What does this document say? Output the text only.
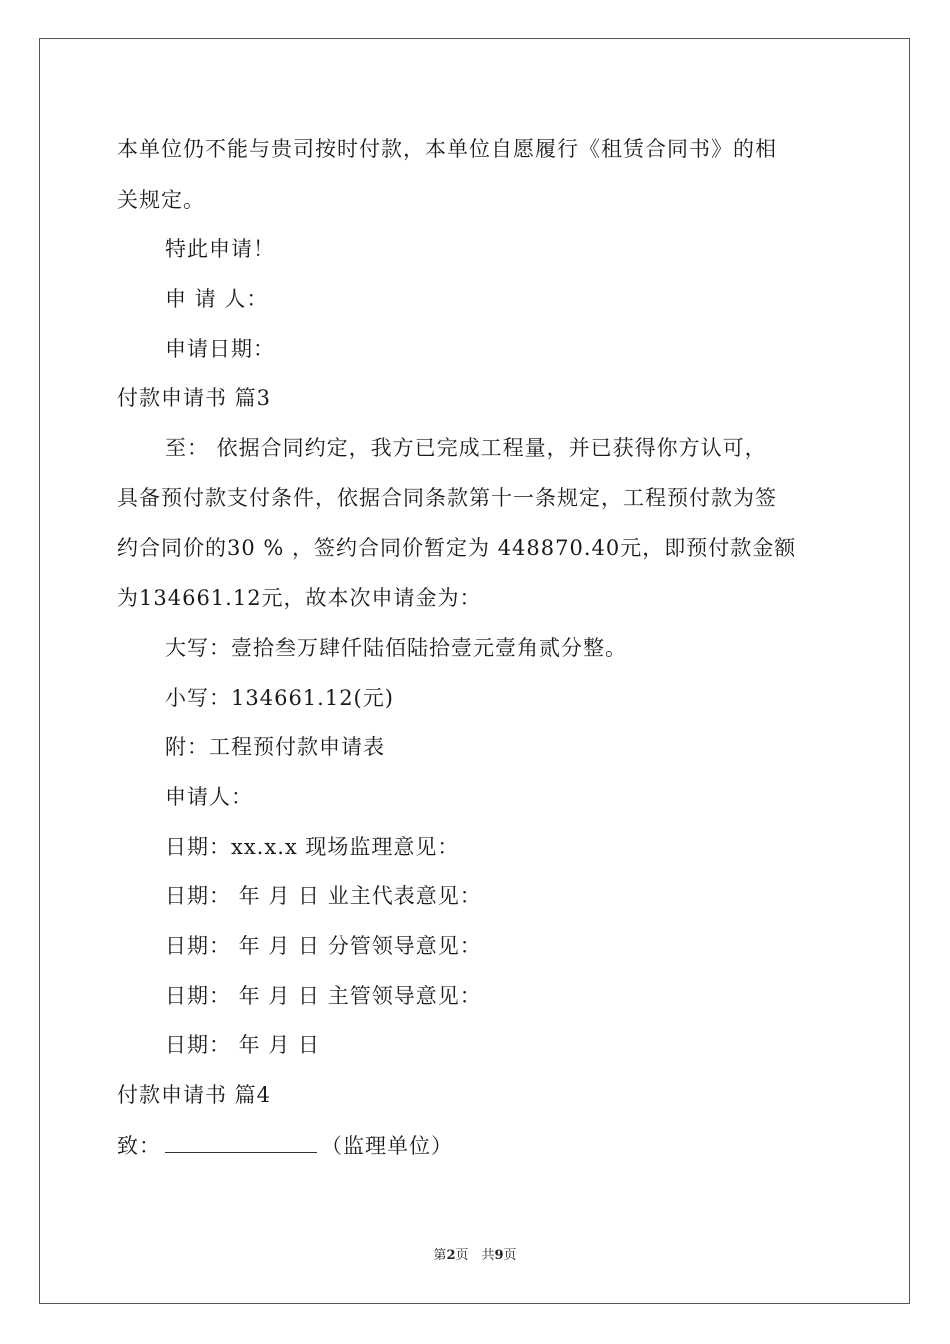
本单位仍不能与贵司按时付款，本单位自愿履行《租赁合同书》的相
关规定。
特此申请！
申 请 人：
申请日期：
付款申请书 篇3
至： 依据合同约定，我方已完成工程量，并已获得你方认可，
具备预付款支付条件，依据合同条款第十一条规定，工程预付款为签
约合同价的30 % ，签约合同价暂定为 448870.40元，即预付款金额
为134661.12元，故本次申请金为：
大写：壹拾叁万肆仟陆佰陆拾壹元壹角贰分整。
小写：134661.12(元)
附：工程预付款申请表
申请人：
日期：xx.x.x 现场监理意见：
日期： 年 月 日 业主代表意见：
日期： 年 月 日 分管领导意见：
日期： 年 月 日 主管领导意见：
日期： 年 月 日
付款申请书 篇4
致：	（监理单位）
第2页　共9页
